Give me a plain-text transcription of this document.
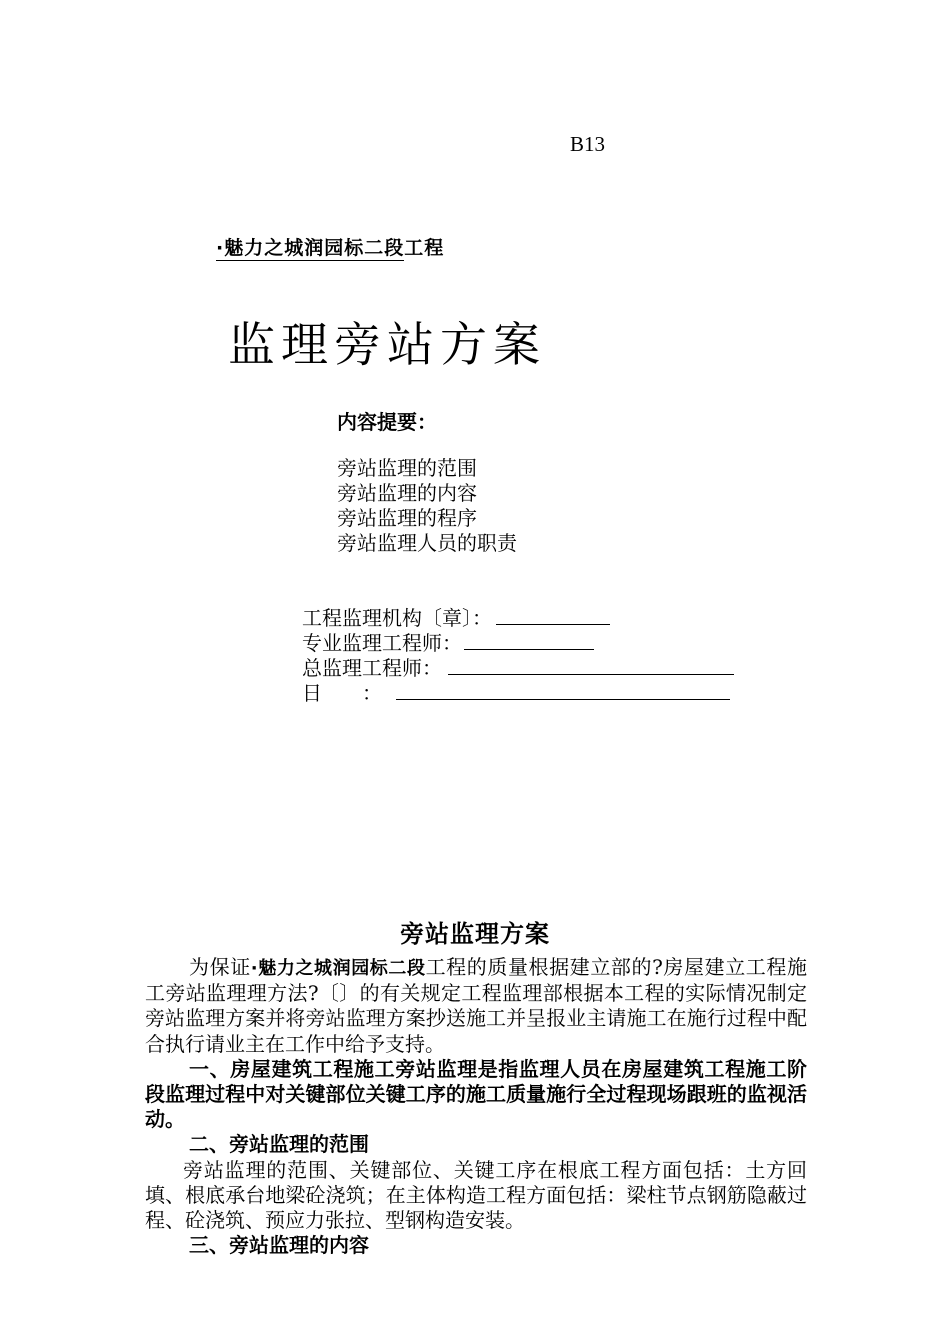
B13
·魅力之城润园标二段工程
监理旁站方案
内容提要：
旁站监理的范围
旁站监理的内容
旁站监理的程序
旁站监理人员的职责
工程监理机构〔章〕：
专业监理工程师：
总监理工程师：
日　　：
旁站监理方案

为保证·魅力之城润园标二段工程的质量根据建立部的?房屋建立工程施工旁站监理理方法?〔〕的有关规定工程监理部根据本工程的实际情况制定旁站监理方案并将旁站监理方案抄送施工并呈报业主请施工在施行过程中配合执行请业主在工作中给予支持。

一、房屋建筑工程施工旁站监理是指监理人员在房屋建筑工程施工阶段监理过程中对关键部位关键工序的施工质量施行全过程现场跟班的监视活动。

二、旁站监理的范围

旁站监理的范围、关键部位、关键工序在根底工程方面包括：土方回填、根底承台地梁砼浇筑；在主体构造工程方面包括：梁柱节点钢筋隐蔽过程、砼浇筑、预应力张拉、型钢构造安装。

三、旁站监理的内容
